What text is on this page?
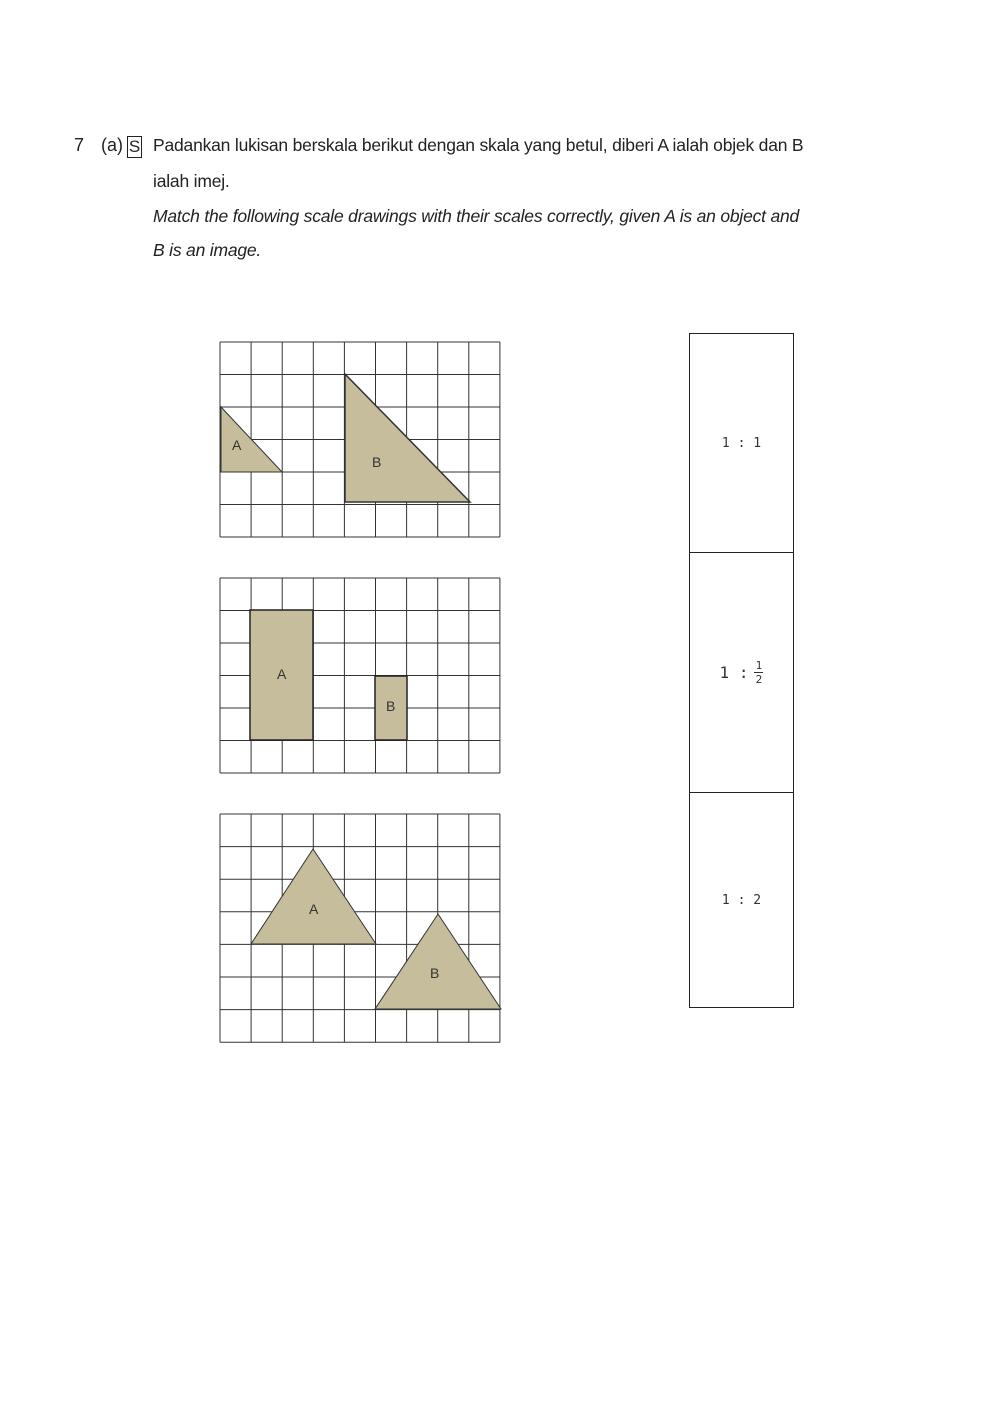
7 (a) S Padankan lukisan berskala berikut dengan skala yang betul, diberi A ialah objek dan B
ialah imej.
Match the following scale drawings with their scales correctly, given A is an object and
B is an image.
A
B
A
B
A
B
1 : 1
1 : $\frac{1}{2}$
1 : 2
